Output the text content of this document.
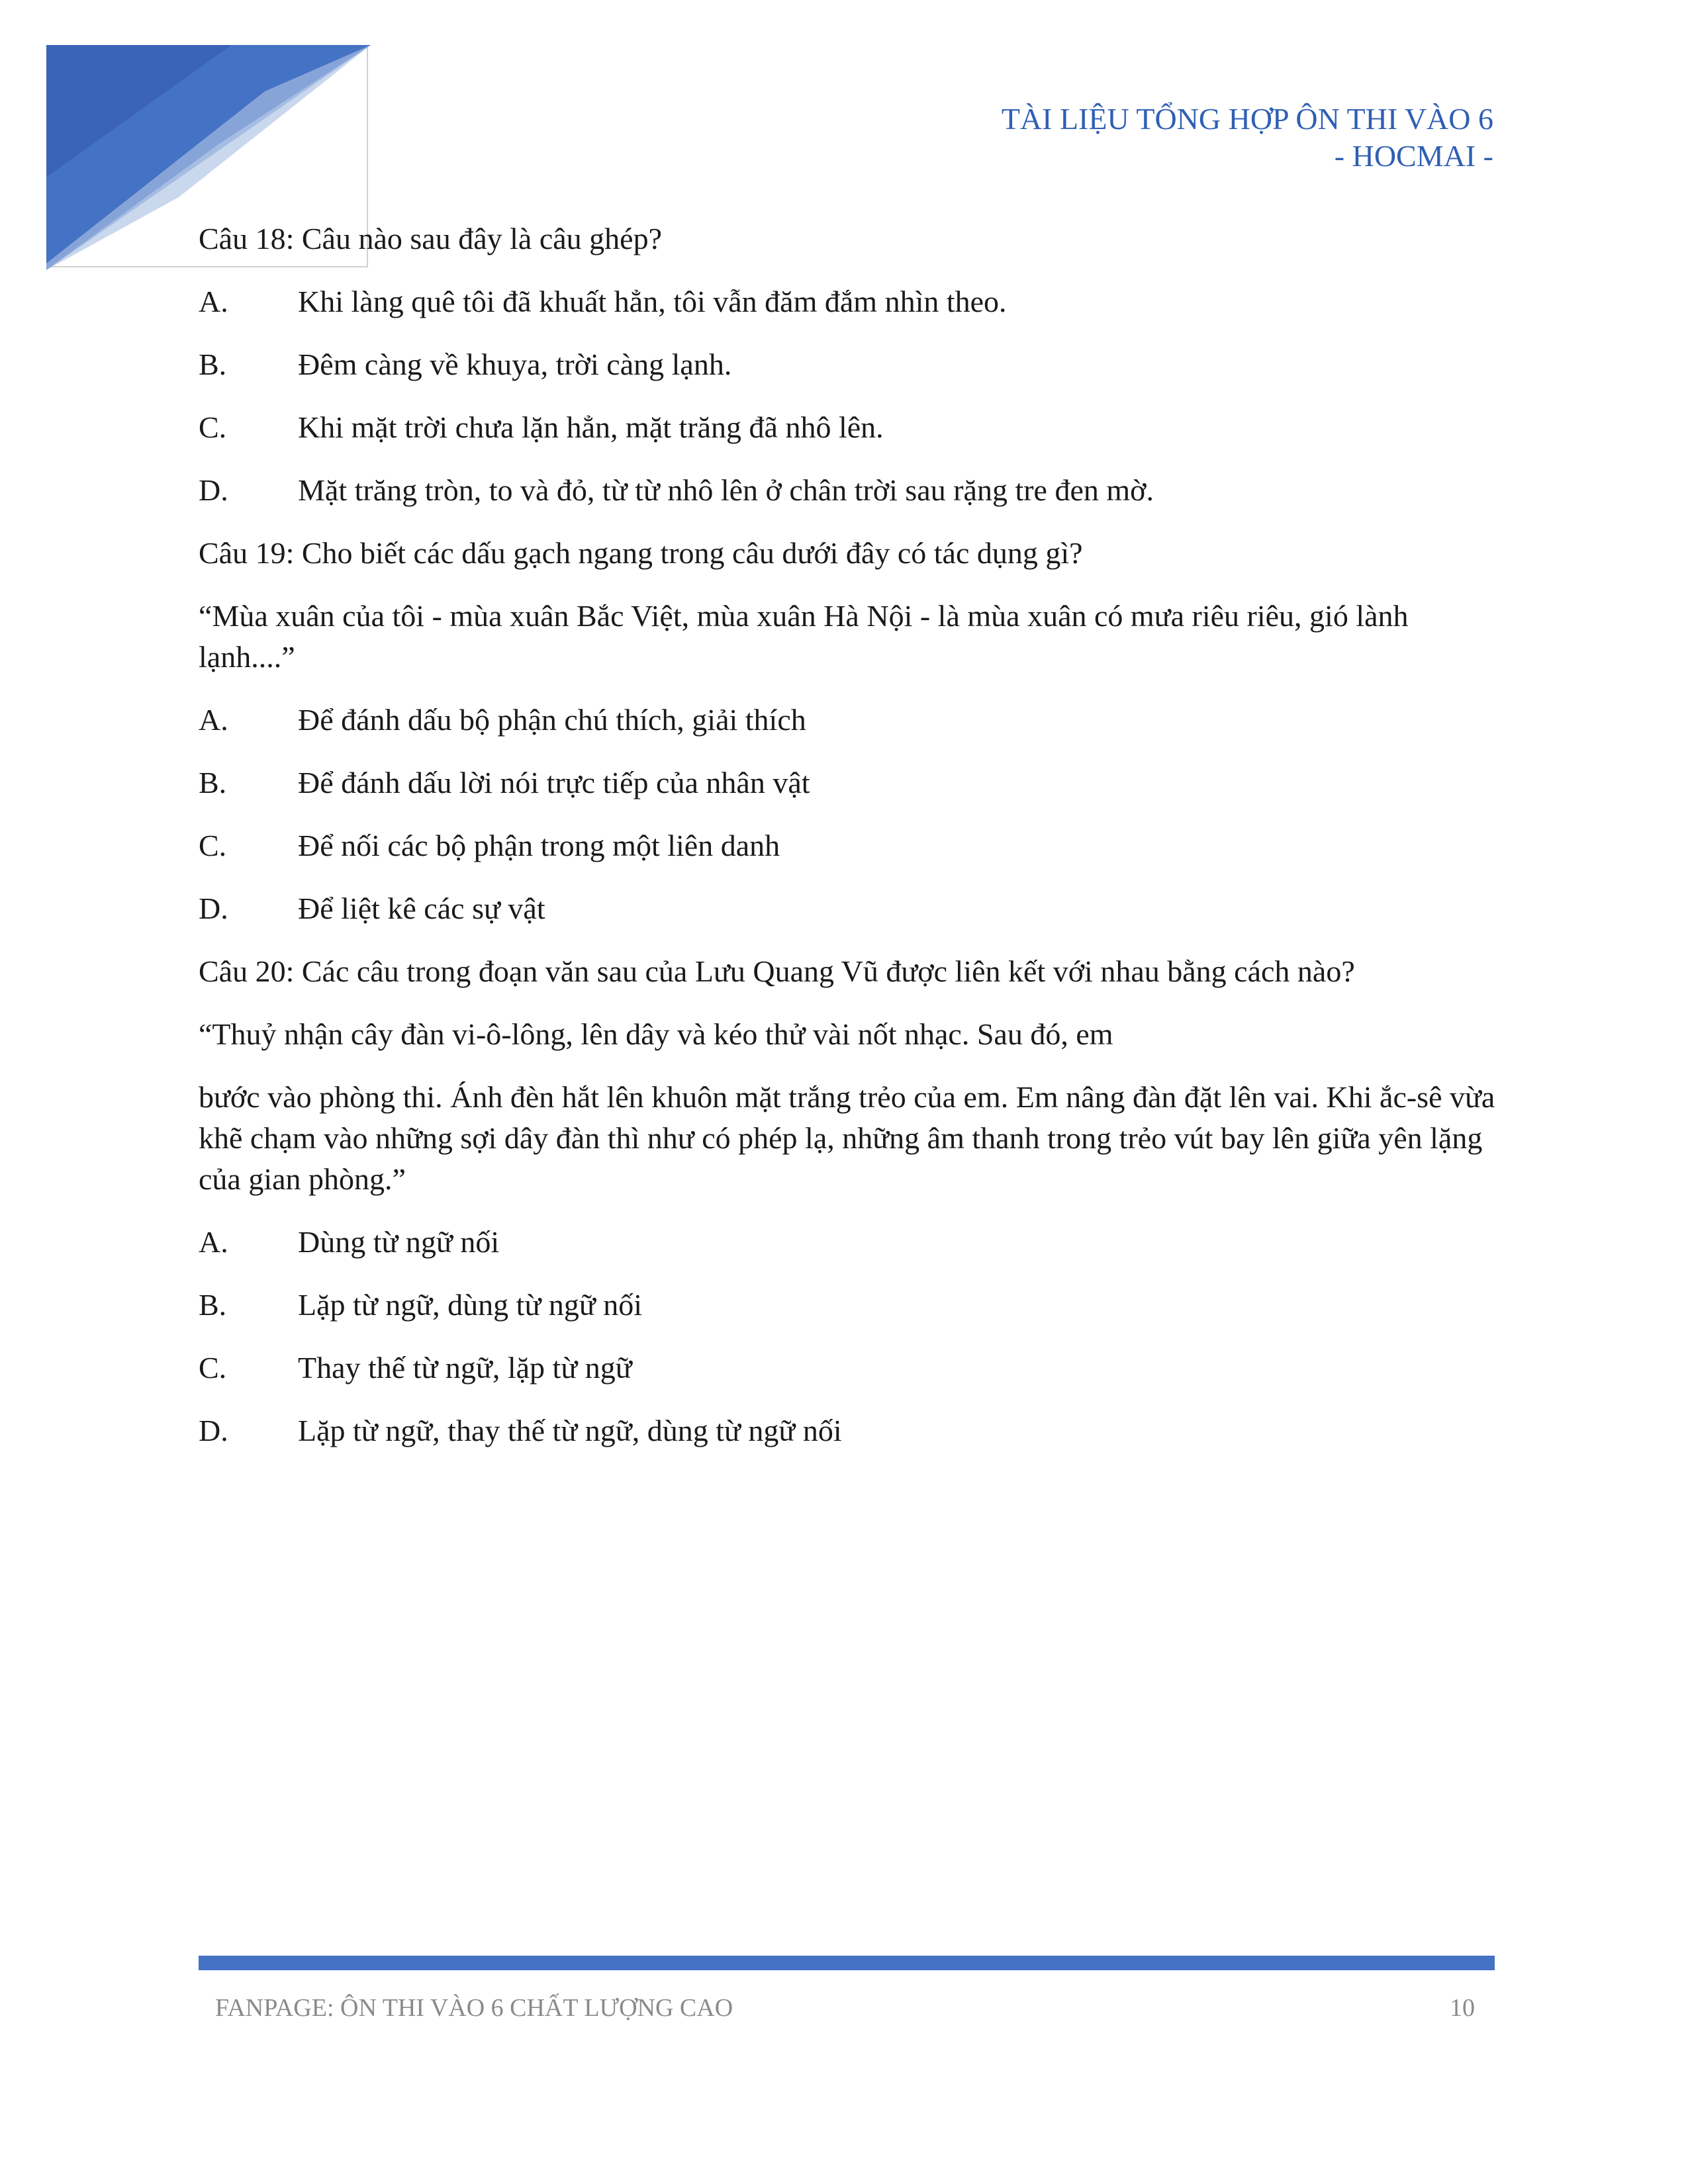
TÀI LIỆU TỔNG HỢP ÔN THI VÀO 6
- HOCMAI -
Câu 18: Câu nào sau đây là câu ghép?
A.	Khi làng quê tôi đã khuất hẳn, tôi vẫn đăm đắm nhìn theo.
B.	Đêm càng về khuya, trời càng lạnh.
C.	Khi mặt trời chưa lặn hẳn, mặt trăng đã nhô lên.
D.	Mặt trăng tròn, to và đỏ, từ từ nhô lên ở chân trời sau rặng tre đen mờ.
Câu 19: Cho biết các dấu gạch ngang trong câu dưới đây có tác dụng gì?
“Mùa xuân của tôi - mùa xuân Bắc Việt, mùa xuân Hà Nội - là mùa xuân có mưa riêu riêu, gió lành lạnh....”
A.	Để đánh dấu bộ phận chú thích, giải thích
B.	Để đánh dấu lời nói trực tiếp của nhân vật
C.	Để nối các bộ phận trong một liên danh
D.	Để liệt kê các sự vật
Câu 20: Các câu trong đoạn văn sau của Lưu Quang Vũ được liên kết với nhau bằng cách nào?
“Thuỷ nhận cây đàn vi-ô-lông, lên dây và kéo thử vài nốt nhạc. Sau đó, em
bước vào phòng thi. Ánh đèn hắt lên khuôn mặt trắng trẻo của em. Em nâng đàn đặt lên vai. Khi ắc-sê vừa khẽ chạm vào những sợi dây đàn thì như có phép lạ, những âm thanh trong trẻo vút bay lên giữa yên lặng của gian phòng.”
A.	Dùng từ ngữ nối
B.	Lặp từ ngữ, dùng từ ngữ nối
C.	Thay thế từ ngữ, lặp từ ngữ
D.	Lặp từ ngữ, thay thế từ ngữ, dùng từ ngữ nối
FANPAGE: ÔN THI VÀO 6 CHẤT LƯỢNG CAO	10
